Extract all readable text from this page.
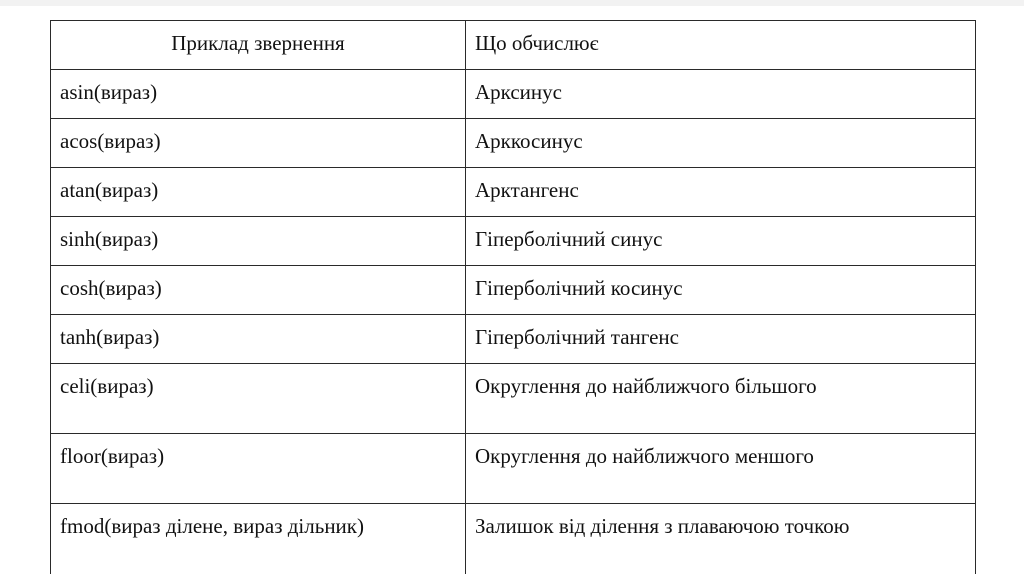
Приклад звернення	Що обчислює
asin(вираз)	Арксинус
acos(вираз)	Арккосинус
atan(вираз)	Арктангенс
sinh(вираз)	Гіперболічний синус
cosh(вираз)	Гіперболічний косинус
tanh(вираз)	Гіперболічний тангенс
celi(вираз)	Округлення до найближчого більшого
floor(вираз)	Округлення до найближчого меншого
fmod(вираз ділене, вираз дільник)	Залишок від ділення з плаваючою точкою
